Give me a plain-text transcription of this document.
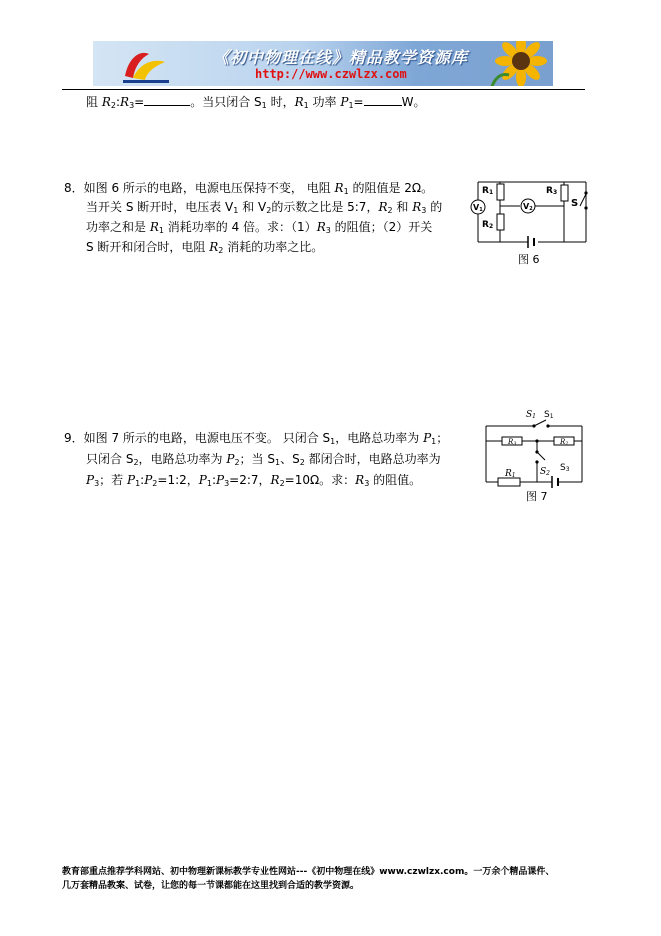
《初中物理在线》精品教学资源库
http://www.czwlzx.com
阻 $R_2:R_3=$	。当只闭合 $S_1$ 时，$R_1$ 功率 $P_1=$	W。
8．如图 6 所示的电路，电源电压保持不变， 电阻 $R_1$ 的阻值是 2Ω。
当开关 S 断开时，电压表 $V_1$ 和 $V_2$的示数之比是 5:7，$R_2$ 和 $R_3$ 的
功率之和是 $R_1$ 消耗功率的 4 倍。求：$(1)R_3$ 的阻值；（2）开关
S 断开和闭合时，电阻 $R_2$ 消耗的功率之比。
R1
R2
R3
V1	V2	S
图 6
9．如图 7 所示的电路，电源电压不变。 只闭合 $S_1$，电路总功率为 $P_1$；
只闭合 $S_2$，电路总功率为 $P_2$；当 $S_1$、$S_2$ 都闭合时，电路总功率为
$P_3$；若 $P_1:P_2=1:2$，$P_1:P_3=2:7$，$R_2=10\Omega$。求：$R_3$ 的阻值。
S1 S1
R3	R2
R1	S2
S3
图 7
教育部重点推荐学科网站、初中物理新课标教学专业性网站---《初中物理在线》www.czwlzx.com。一万余个精品课件、
几万套精品教案、试卷，让您的每一节课都能在这里找到合适的教学资源。
